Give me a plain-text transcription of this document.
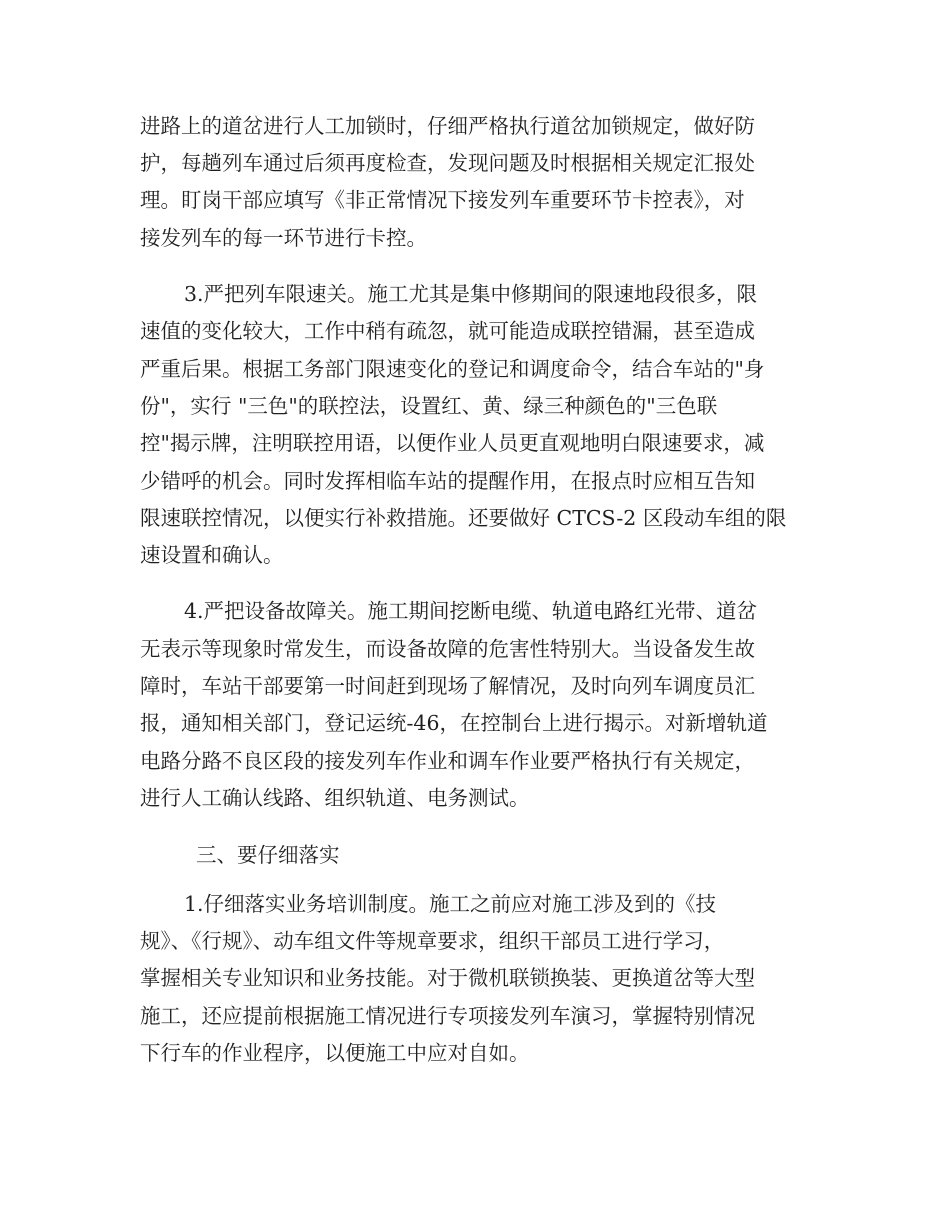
进路上的道岔进行人工加锁时，仔细严格执行道岔加锁规定，做好防
护，每趟列车通过后须再度检查，发现问题及时根据相关规定汇报处
理。盯岗干部应填写《非正常情况下接发列车重要环节卡控表》，对
接发列车的每一环节进行卡控。
3.严把列车限速关。施工尤其是集中修期间的限速地段很多，限
速值的变化较大，工作中稍有疏忽，就可能造成联控错漏，甚至造成
严重后果。根据工务部门限速变化的登记和调度命令，结合车站的"身
份"，实行 "三色"的联控法，设置红、黄、绿三种颜色的"三色联
控"揭示牌，注明联控用语，以便作业人员更直观地明白限速要求，减
少错呼的机会。同时发挥相临车站的提醒作用，在报点时应相互告知
限速联控情况，以便实行补救措施。还要做好 CTCS-2 区段动车组的限
速设置和确认。
4.严把设备故障关。施工期间挖断电缆、轨道电路红光带、道岔
无表示等现象时常发生，而设备故障的危害性特别大。当设备发生故
障时，车站干部要第一时间赶到现场了解情况，及时向列车调度员汇
报，通知相关部门，登记运统-46，在控制台上进行揭示。对新增轨道
电路分路不良区段的接发列车作业和调车作业要严格执行有关规定，
进行人工确认线路、组织轨道、电务测试。
三、要仔细落实
1.仔细落实业务培训制度。施工之前应对施工涉及到的《技
规》、《行规》、动车组文件等规章要求，组织干部员工进行学习，
掌握相关专业知识和业务技能。对于微机联锁换装、更换道岔等大型
施工，还应提前根据施工情况进行专项接发列车演习，掌握特别情况
下行车的作业程序，以便施工中应对自如。
